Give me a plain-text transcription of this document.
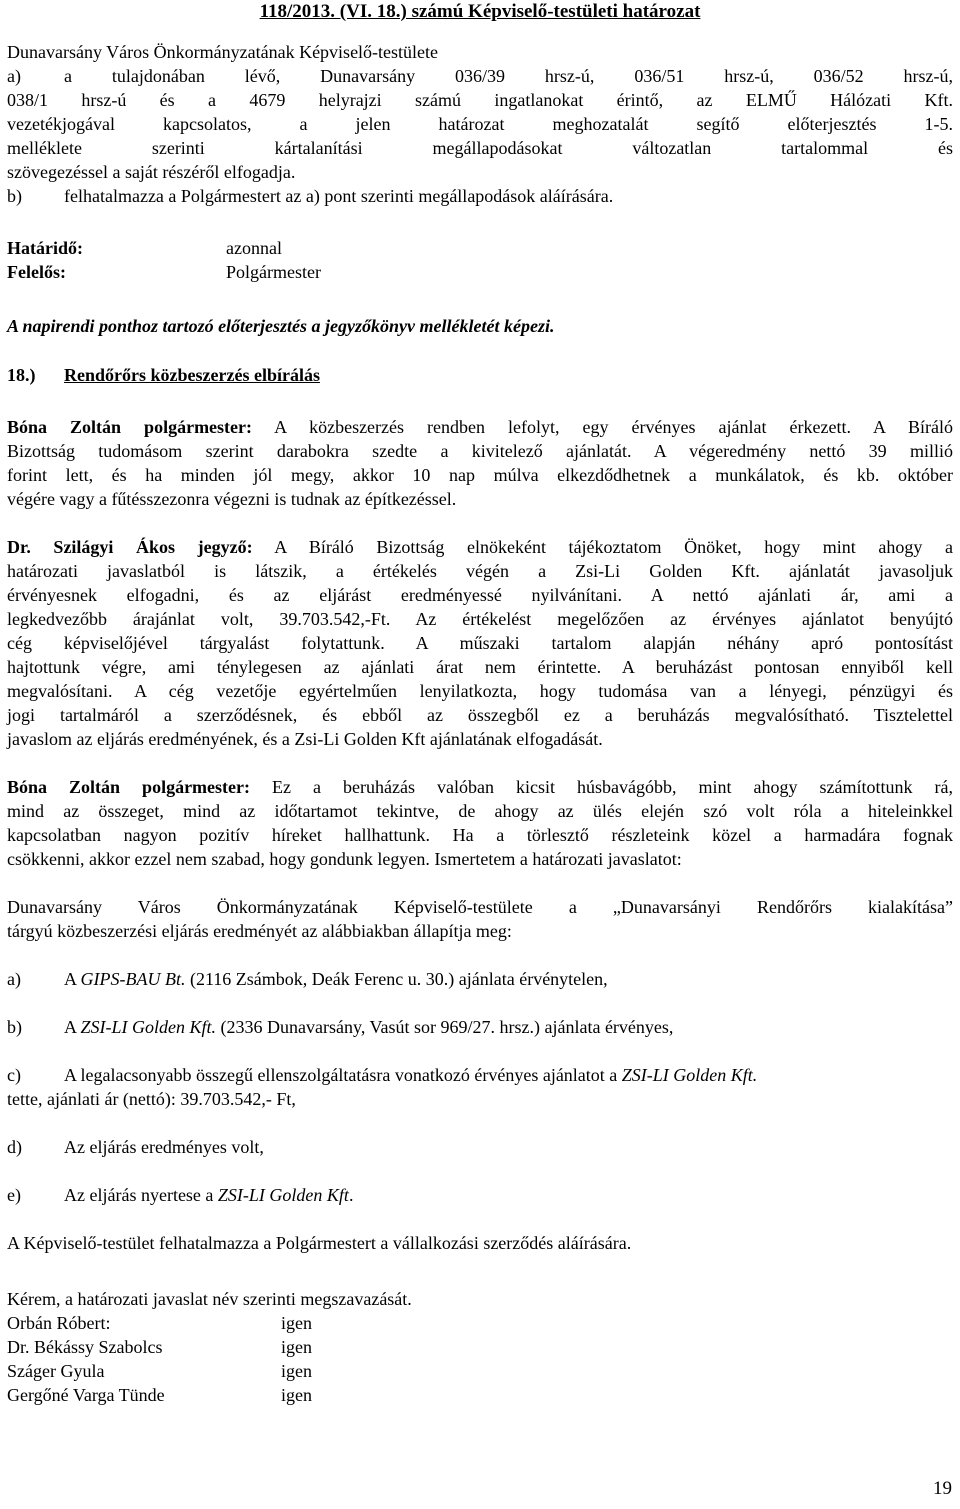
118/2013. (VI. 18.) számú Képviselő-testületi határozat
Dunavarsány Város Önkormányzatának Képviselő-testülete
a) a tulajdonában lévő, Dunavarsány 036/39 hrsz-ú, 036/51 hrsz-ú, 036/52 hrsz-ú,
038/1 hrsz-ú és a 4679 helyrajzi számú ingatlanokat érintő, az ELMŰ Hálózati Kft.
vezetékjogával kapcsolatos, a jelen határozat meghozatalát segítő előterjesztés 1-5.
melléklete szerinti kártalanítási megállapodásokat változatlan tartalommal és
szövegezéssel a saját részéről elfogadja.
b) felhatalmazza a Polgármestert az a) pont szerinti megállapodások aláírására.
Határidő:	azonnal
Felelős:	Polgármester
A napirendi ponthoz tartozó előterjesztés a jegyzőkönyv mellékletét képezi.
18.) Rendőrőrs közbeszerzés elbírálás
Bóna Zoltán polgármester: A közbeszerzés rendben lefolyt, egy érvényes ajánlat érkezett. A Bíráló
Bizottság tudomásom szerint darabokra szedte a kivitelező ajánlatát. A végeredmény nettó 39 millió
forint lett, és ha minden jól megy, akkor 10 nap múlva elkezdődhetnek a munkálatok, és kb. október
végére vagy a fűtésszezonra végezni is tudnak az építkezéssel.
Dr. Szilágyi Ákos jegyző: A Bíráló Bizottság elnökeként tájékoztatom Önöket, hogy mint ahogy a
határozati javaslatból is látszik, a értékelés végén a Zsi-Li Golden Kft. ajánlatát javasoljuk
érvényesnek elfogadni, és az eljárást eredményessé nyilvánítani. A nettó ajánlati ár, ami a
legkedvezőbb árajánlat volt, 39.703.542,-Ft. Az értékelést megelőzően az érvényes ajánlatot benyújtó
cég képviselőjével tárgyalást folytattunk. A műszaki tartalom alapján néhány apró pontosítást
hajtottunk végre, ami ténylegesen az ajánlati árat nem érintette. A beruházást pontosan ennyiből kell
megvalósítani. A cég vezetője egyértelműen lenyilatkozta, hogy tudomása van a lényegi, pénzügyi és
jogi tartalmáról a szerződésnek, és ebből az összegből ez a beruházás megvalósítható. Tisztelettel
javaslom az eljárás eredményének, és a Zsi-Li Golden Kft ajánlatának elfogadását.
Bóna Zoltán polgármester: Ez a beruházás valóban kicsit húsbavágóbb, mint ahogy számítottunk rá,
mind az összeget, mind az időtartamot tekintve, de ahogy az ülés elején szó volt róla a hiteleinkkel
kapcsolatban nagyon pozitív híreket hallhattunk. Ha a törlesztő részleteink közel a harmadára fognak
csökkenni, akkor ezzel nem szabad, hogy gondunk legyen. Ismertetem a határozati javaslatot:
Dunavarsány Város Önkormányzatának Képviselő-testülete a „Dunavarsányi Rendőrőrs kialakítása”
tárgyú közbeszerzési eljárás eredményét az alábbiakban állapítja meg:
a) A GIPS-BAU Bt. (2116 Zsámbok, Deák Ferenc u. 30.) ajánlata érvénytelen,
b) A ZSI-LI Golden Kft. (2336 Dunavarsány, Vasút sor 969/27. hrsz.) ajánlata érvényes,
c) A legalacsonyabb összegű ellenszolgáltatásra vonatkozó érvényes ajánlatot a ZSI-LI Golden Kft.
tette, ajánlati ár (nettó): 39.703.542,- Ft,
d) Az eljárás eredményes volt,
e) Az eljárás nyertese a ZSI-LI Golden Kft.
A Képviselő-testület felhatalmazza a Polgármestert a vállalkozási szerződés aláírására.
Kérem, a határozati javaslat név szerinti megszavazását.
Orbán Róbert:	igen
Dr. Békássy Szabolcs	igen
Száger Gyula	igen
Gergőné Varga Tünde	igen
19
